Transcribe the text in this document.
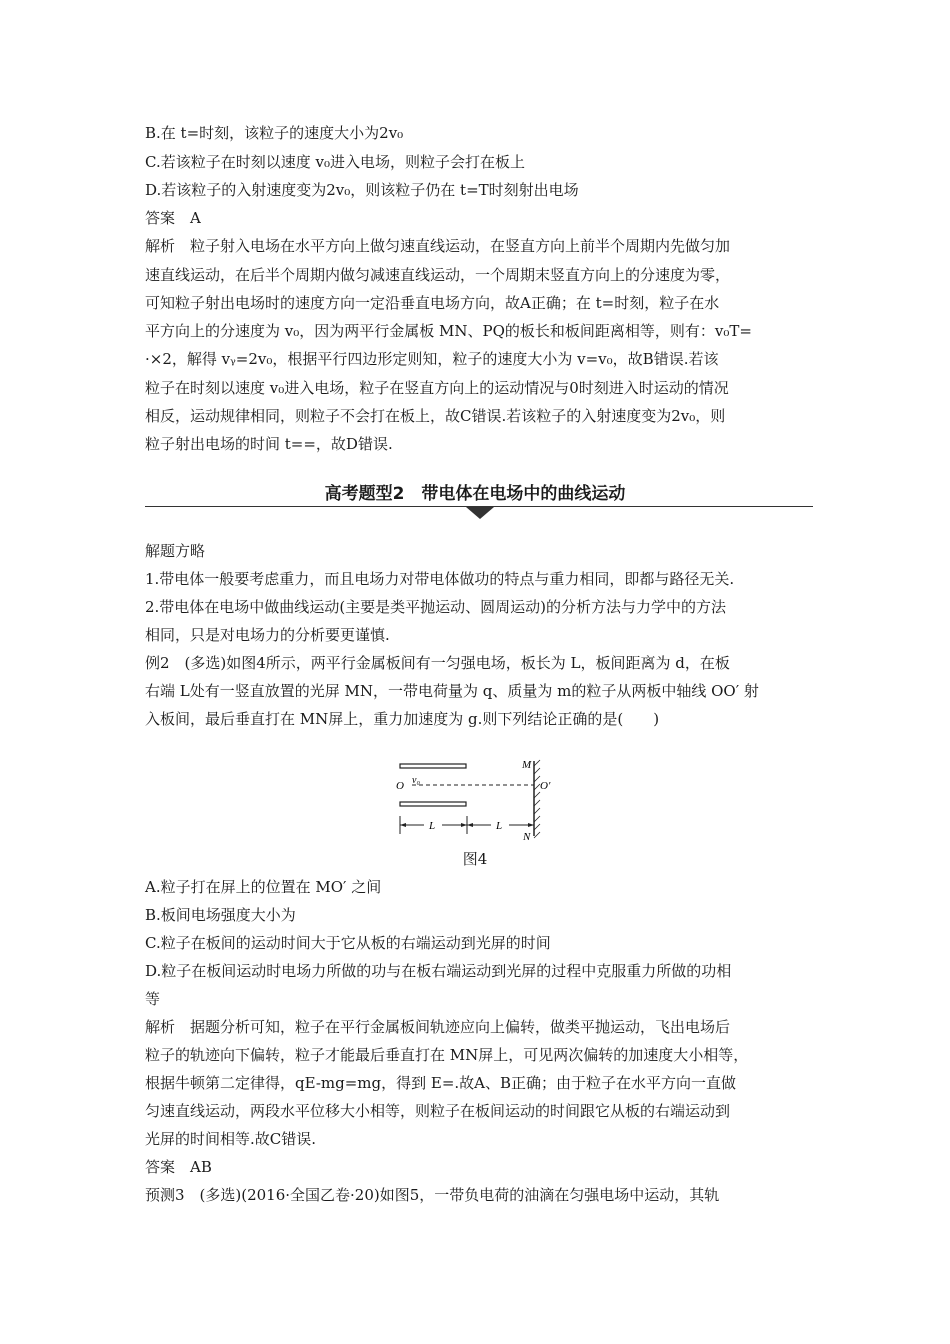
B.在 t=时刻，该粒子的速度大小为2v₀
C.若该粒子在时刻以速度 v₀进入电场，则粒子会打在板上
D.若该粒子的入射速度变为2v₀，则该粒子仍在 t=T时刻射出电场
答案　A
解析　粒子射入电场在水平方向上做匀速直线运动，在竖直方向上前半个周期内先做匀加
速直线运动，在后半个周期内做匀减速直线运动，一个周期末竖直方向上的分速度为零，
可知粒子射出电场时的速度方向一定沿垂直电场方向，故A正确；在 t=时刻，粒子在水
平方向上的分速度为 v₀，因为两平行金属板 MN、PQ的板长和板间距离相等，则有：v₀T=
·×2，解得 vᵧ=2v₀，根据平行四边形定则知，粒子的速度大小为 v=v₀，故B错误.若该
粒子在时刻以速度 v₀进入电场，粒子在竖直方向上的运动情况与0时刻进入时运动的情况
相反，运动规律相同，则粒子不会打在板上，故C错误.若该粒子的入射速度变为2v₀，则
粒子射出电场的时间 t==，故D错误.
高考题型2　带电体在电场中的曲线运动
解题方略
1.带电体一般要考虑重力，而且电场力对带电体做功的特点与重力相同，即都与路径无关.
2.带电体在电场中做曲线运动(主要是类平抛运动、圆周运动)的分析方法与力学中的方法
相同，只是对电场力的分析要更谨慎.
例2　(多选)如图4所示，两平行金属板间有一匀强电场，板长为 L，板间距离为 d，在板
右端 L处有一竖直放置的光屏 MN，一带电荷量为 q、质量为 m的粒子从两板中轴线 OO′ 射
入板间，最后垂直打在 MN屏上，重力加速度为 g.则下列结论正确的是(　　)
M
N
O	O′
v₀
L	L
图4
A.粒子打在屏上的位置在 MO′ 之间
B.板间电场强度大小为
C.粒子在板间的运动时间大于它从板的右端运动到光屏的时间
D.粒子在板间运动时电场力所做的功与在板右端运动到光屏的过程中克服重力所做的功相
等
解析　据题分析可知，粒子在平行金属板间轨迹应向上偏转，做类平抛运动，飞出电场后
粒子的轨迹向下偏转，粒子才能最后垂直打在 MN屏上，可见两次偏转的加速度大小相等，
根据牛顿第二定律得，qE-mg=mg，得到 E=.故A、B正确；由于粒子在水平方向一直做
匀速直线运动，两段水平位移大小相等，则粒子在板间运动的时间跟它从板的右端运动到
光屏的时间相等.故C错误.
答案　AB
预测3　(多选)(2016·全国乙卷·20)如图5，一带负电荷的油滴在匀强电场中运动，其轨
